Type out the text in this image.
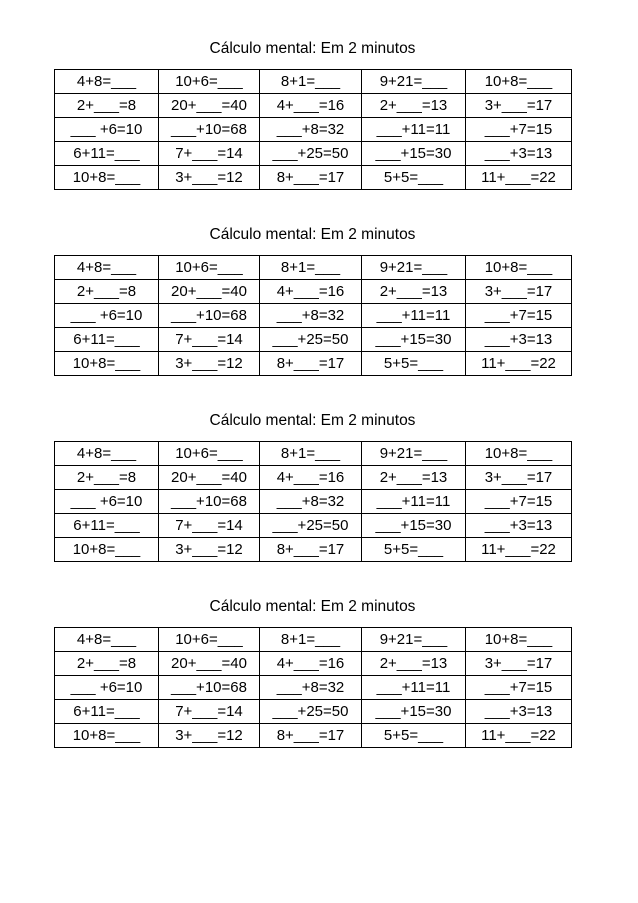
Cálculo mental: Em 2 minutos
4+8=___	10+6=___	8+1=___	9+21=___	10+8=___
2+___=8	20+___=40	4+___=16	2+___=13	3+___=17
___ +6=10	___+10=68	___+8=32	___+11=11	___+7=15
6+11=___	7+___=14	___+25=50	___+15=30	___+3=13
10+8=___	3+___=12	8+___=17	5+5=___	11+___=22
Cálculo mental: Em 2 minutos
4+8=___	10+6=___	8+1=___	9+21=___	10+8=___
2+___=8	20+___=40	4+___=16	2+___=13	3+___=17
___ +6=10	___+10=68	___+8=32	___+11=11	___+7=15
6+11=___	7+___=14	___+25=50	___+15=30	___+3=13
10+8=___	3+___=12	8+___=17	5+5=___	11+___=22
Cálculo mental: Em 2 minutos
4+8=___	10+6=___	8+1=___	9+21=___	10+8=___
2+___=8	20+___=40	4+___=16	2+___=13	3+___=17
___ +6=10	___+10=68	___+8=32	___+11=11	___+7=15
6+11=___	7+___=14	___+25=50	___+15=30	___+3=13
10+8=___	3+___=12	8+___=17	5+5=___	11+___=22
Cálculo mental: Em 2 minutos
4+8=___	10+6=___	8+1=___	9+21=___	10+8=___
2+___=8	20+___=40	4+___=16	2+___=13	3+___=17
___ +6=10	___+10=68	___+8=32	___+11=11	___+7=15
6+11=___	7+___=14	___+25=50	___+15=30	___+3=13
10+8=___	3+___=12	8+___=17	5+5=___	11+___=22
